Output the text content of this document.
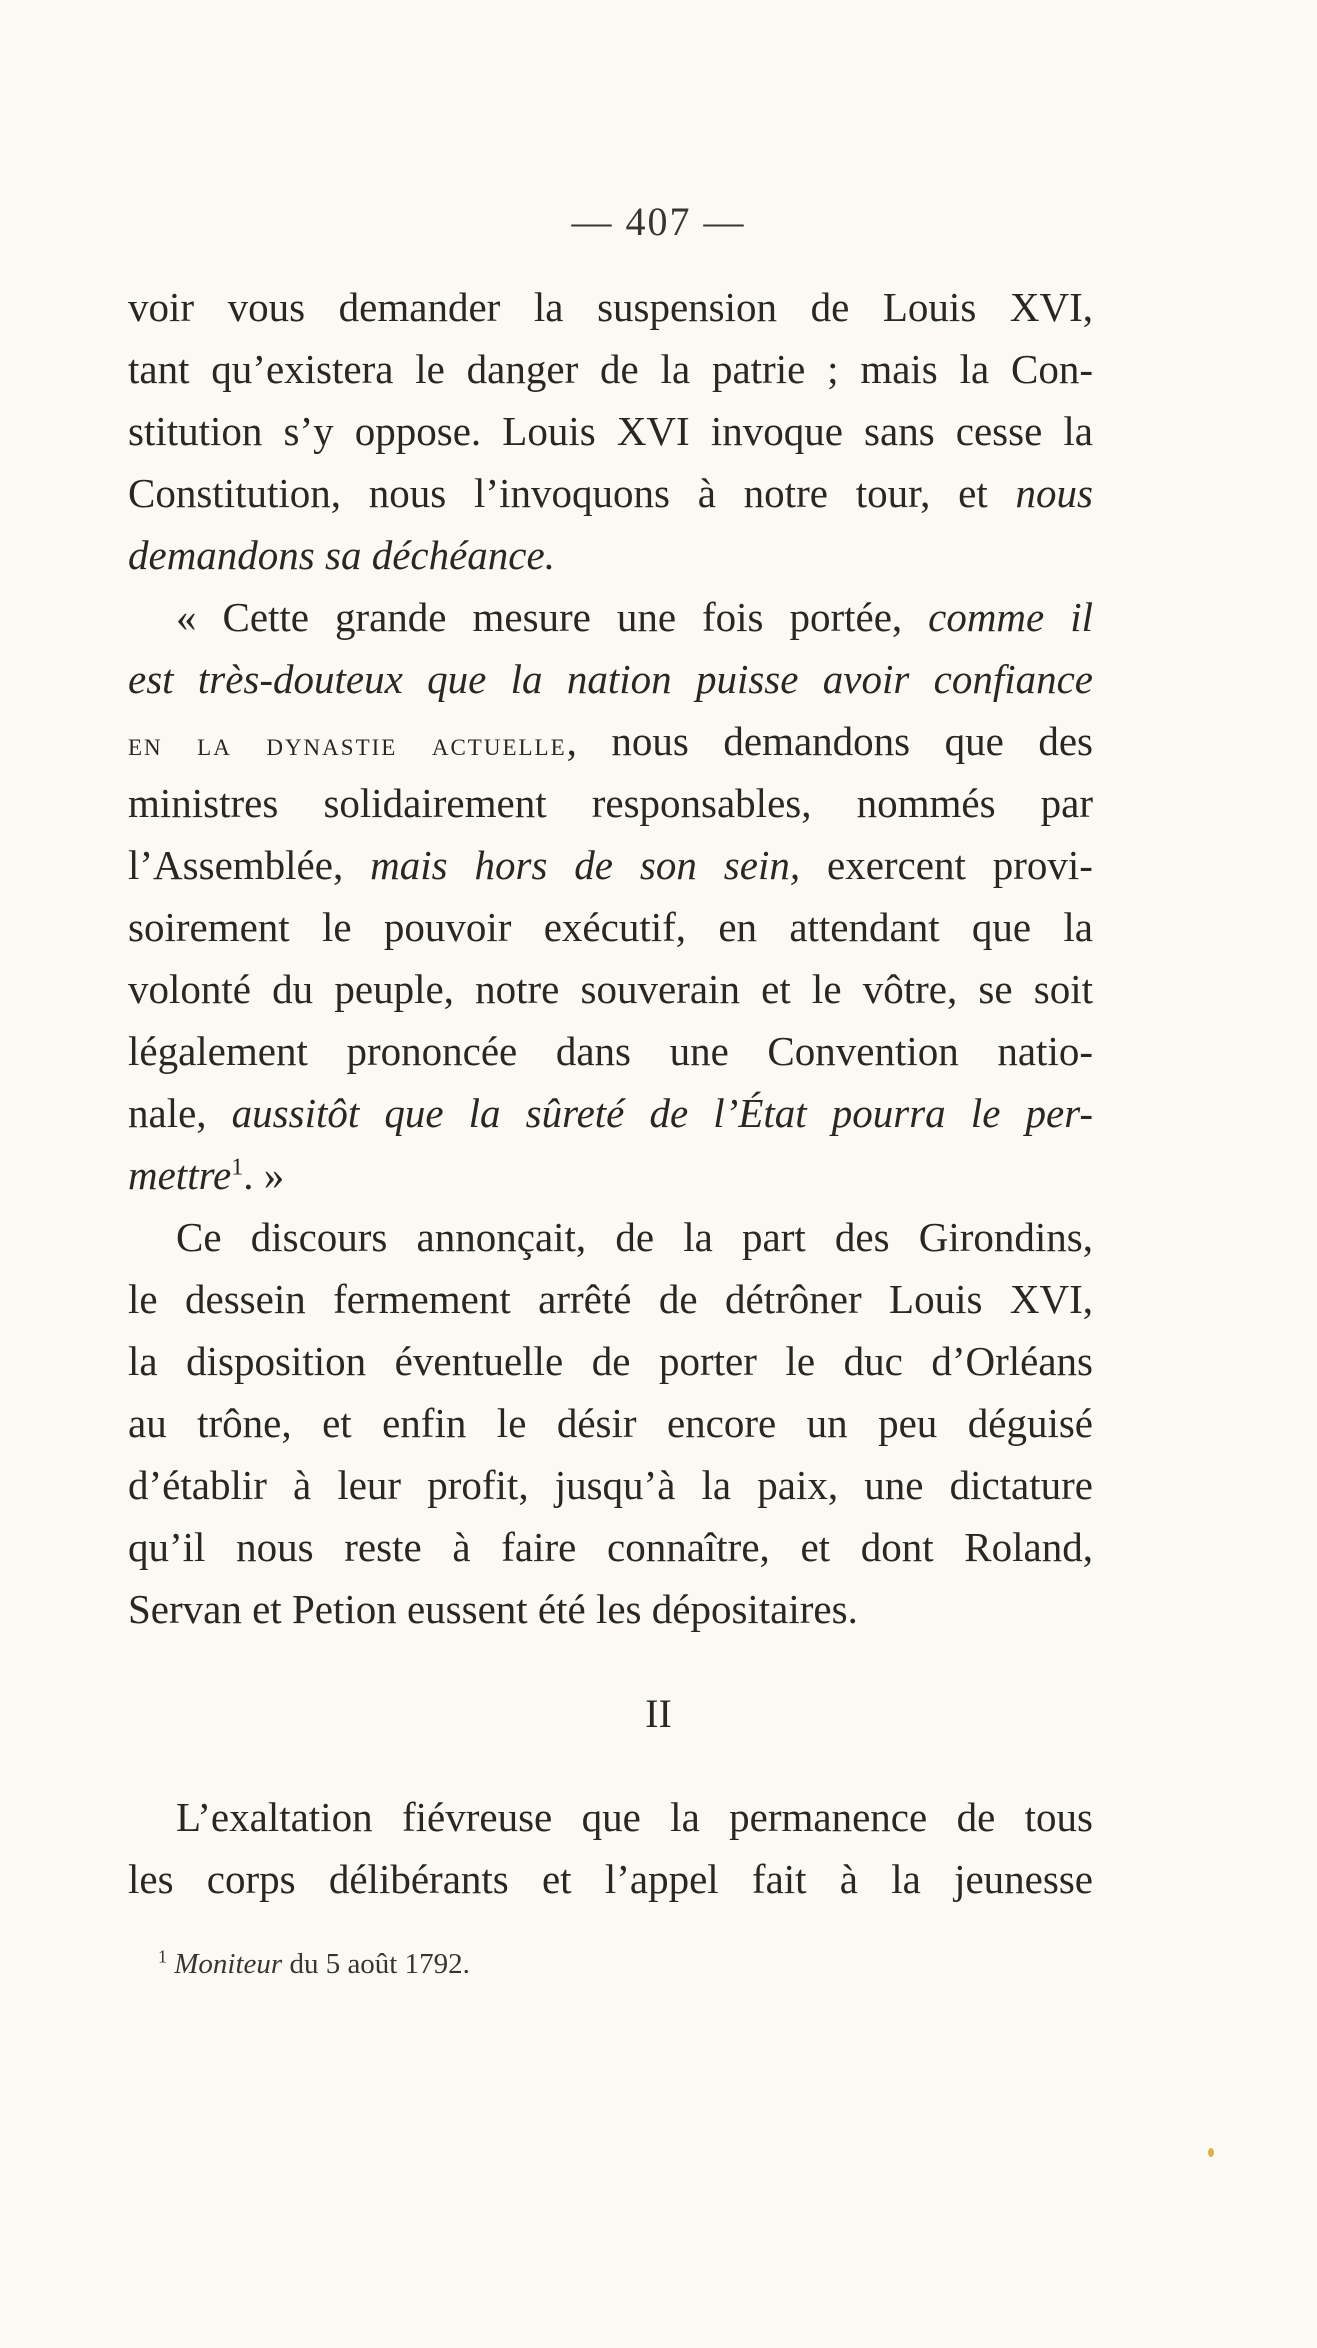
— 407 —
voir vous demander la suspension de Louis XVI,
tant qu’existera le danger de la patrie ; mais la Con-
stitution s’y oppose. Louis XVI invoque sans cesse la
Constitution, nous l’invoquons à notre tour, et nous
demandons sa déchéance.
« Cette grande mesure une fois portée, comme il
est très-douteux que la nation puisse avoir confiance
en la dynastie actuelle, nous demandons que des
ministres solidairement responsables, nommés par
l’Assemblée, mais hors de son sein, exercent provi-
soirement le pouvoir exécutif, en attendant que la
volonté du peuple, notre souverain et le vôtre, se soit
légalement prononcée dans une Convention natio-
nale, aussitôt que la sûreté de l’État pourra le per-
mettre$^1$. »
Ce discours annonçait, de la part des Girondins,
le dessein fermement arrêté de détrôner Louis XVI,
la disposition éventuelle de porter le duc d’Orléans
au trône, et enfin le désir encore un peu déguisé
d’établir à leur profit, jusqu’à la paix, une dictature
qu’il nous reste à faire connaître, et dont Roland,
Servan et Petion eussent été les dépositaires.
II
L’exaltation fiévreuse que la permanence de tous
les corps délibérants et l’appel fait à la jeunesse
$^1$ Moniteur du 5 août 1792.
